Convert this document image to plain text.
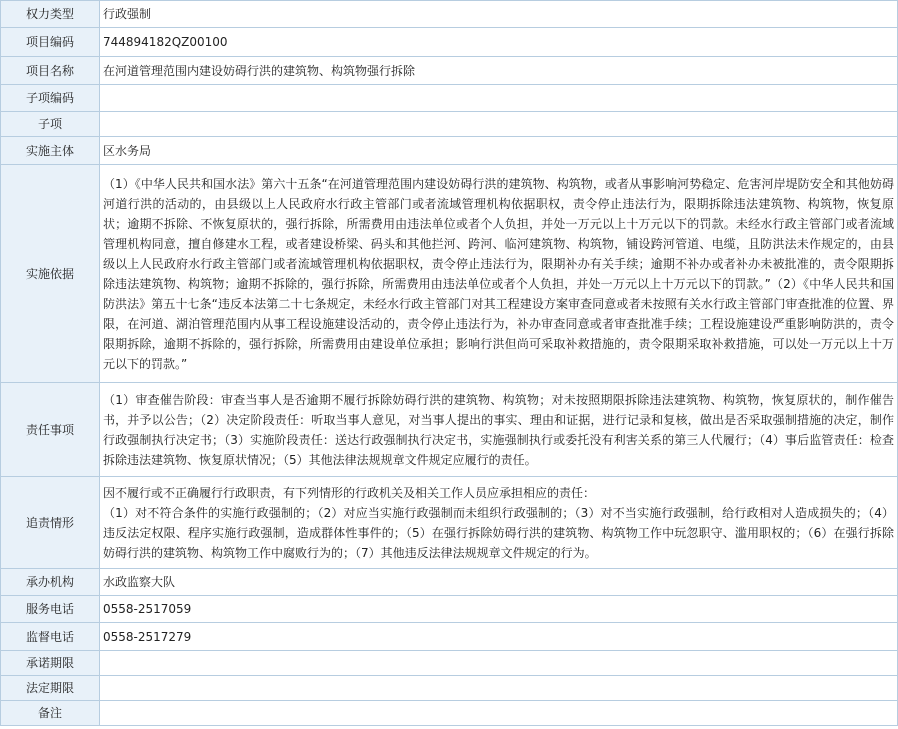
权力类型	行政强制
项目编码	744894182QZ00100
项目名称	在河道管理范围内建设妨碍行洪的建筑物、构筑物强行拆除
子项编码	
子项	
实施主体	区水务局
实施依据	（1）《中华人民共和国水法》第六十五条“在河道管理范围内建设妨碍行洪的建筑物、构筑物，或者从事影响河势稳定、危害河岸堤防安全和其他妨碍河道行洪的活动的，由县级以上人民政府水行政主管部门或者流域管理机构依据职权，责令停止违法行为，限期拆除违法建筑物、构筑物，恢复原状；逾期不拆除、不恢复原状的，强行拆除，所需费用由违法单位或者个人负担，并处一万元以上十万元以下的罚款。未经水行政主管部门或者流域管理机构同意，擅自修建水工程，或者建设桥梁、码头和其他拦河、跨河、临河建筑物、构筑物，铺设跨河管道、电缆，且防洪法未作规定的，由县级以上人民政府水行政主管部门或者流域管理机构依据职权，责令停止违法行为，限期补办有关手续；逾期不补办或者补办未被批准的，责令限期拆除违法建筑物、构筑物；逾期不拆除的，强行拆除，所需费用由违法单位或者个人负担，并处一万元以上十万元以下的罚款。”（2）《中华人民共和国防洪法》第五十七条“违反本法第二十七条规定，未经水行政主管部门对其工程建设方案审查同意或者未按照有关水行政主管部门审查批准的位置、界限，在河道、湖泊管理范围内从事工程设施建设活动的，责令停止违法行为，补办审查同意或者审查批准手续；工程设施建设严重影响防洪的，责令限期拆除，逾期不拆除的，强行拆除，所需费用由建设单位承担；影响行洪但尚可采取补救措施的，责令限期采取补救措施，可以处一万元以上十万元以下的罚款。”
责任事项	（1）审查催告阶段：审查当事人是否逾期不履行拆除妨碍行洪的建筑物、构筑物；对未按照期限拆除违法建筑物、构筑物，恢复原状的，制作催告书，并予以公告；（2）决定阶段责任：听取当事人意见，对当事人提出的事实、理由和证据，进行记录和复核，做出是否采取强制措施的决定，制作行政强制执行决定书；（3）实施阶段责任：送达行政强制执行决定书，实施强制执行或委托没有利害关系的第三人代履行；（4）事后监管责任：检查拆除违法建筑物、恢复原状情况；（5）其他法律法规规章文件规定应履行的责任。
追责情形	因不履行或不正确履行行政职责，有下列情形的行政机关及相关工作人员应承担相应的责任：
（1）对不符合条件的实施行政强制的；（2）对应当实施行政强制而未组织行政强制的；（3）对不当实施行政强制，给行政相对人造成损失的；（4）违反法定权限、程序实施行政强制，造成群体性事件的；（5）在强行拆除妨碍行洪的建筑物、构筑物工作中玩忽职守、滥用职权的；（6）在强行拆除妨碍行洪的建筑物、构筑物工作中腐败行为的；（7）其他违反法律法规规章文件规定的行为。

承办机构	水政监察大队
服务电话	0558-2517059
监督电话	0558-2517279
承诺期限	
法定期限	
备注	
